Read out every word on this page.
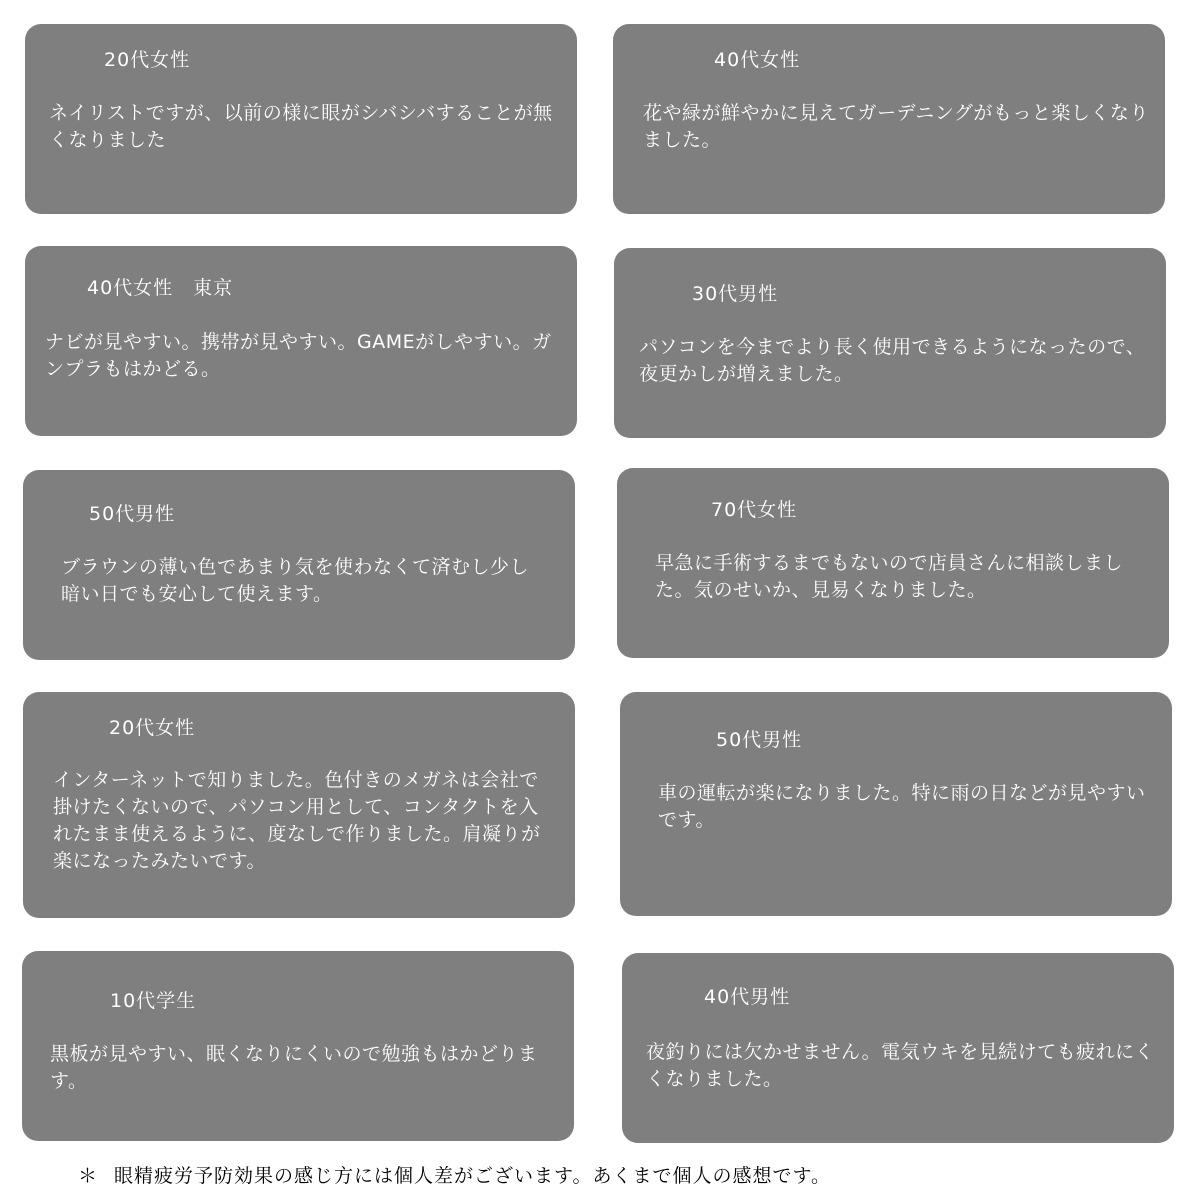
20代女性
ネイリストですが、以前の様に眼がシバシバすることが無くなりました
40代女性
花や緑が鮮やかに見えてガーデニングがもっと楽しくなりました。
40代女性　東京
ナビが見やすい。携帯が見やすい。GAMEがしやすい。ガンプラもはかどる。
30代男性
パソコンを今までより長く使用できるようになったので、夜更かしが増えました。
50代男性
ブラウンの薄い色であまり気を使わなくて済むし少し暗い日でも安心して使えます。
70代女性
早急に手術するまでもないので店員さんに相談しました。気のせいか、見易くなりました。
20代女性
インターネットで知りました。色付きのメガネは会社で掛けたくないので、パソコン用として、コンタクトを入れたまま使えるように、度なしで作りました。肩凝りが楽になったみたいです。
50代男性
車の運転が楽になりました。特に雨の日などが見やすいです。
10代学生
黒板が見やすい、眠くなりにくいので勉強もはかどります。
40代男性
夜釣りには欠かせません。電気ウキを見続けても疲れにくくなりました。
＊ 眼精疲労予防効果の感じ方には個人差がございます。あくまで個人の感想です。
